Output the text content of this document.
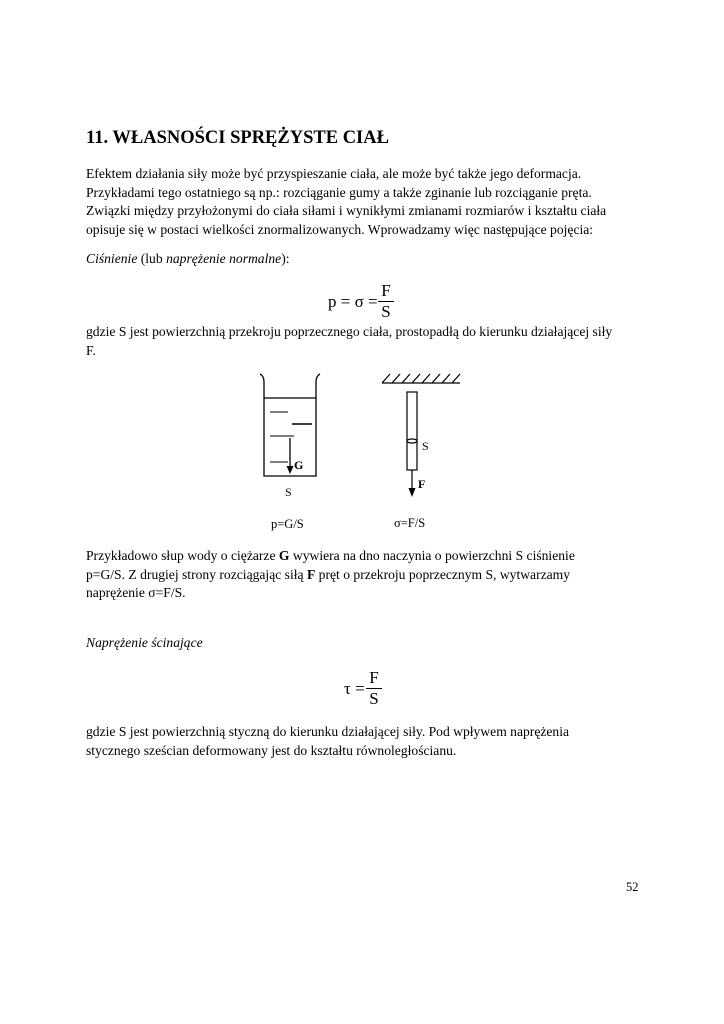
11. WŁASNOŚCI SPRĘŻYSTE CIAŁ

Efektem działania siły może być przyspieszanie ciała, ale może być także jego deformacja.

Przykładami tego ostatniego są np.: rozciąganie gumy a także zginanie lub rozciąganie pręta.

Związki między przyłożonymi do ciała siłami i wynikłymi zmianami rozmiarów i kształtu ciała

opisuje się w postaci wielkości znormalizowanych. Wprowadzamy więc następujące pojęcia:

Ciśnienie (lub naprężenie normalne):

p = σ =
F
S

gdzie S jest powierzchnią przekroju poprzecznego ciała, prostopadłą do kierunku działającej siły

F.

G
S
S
F
p=G/S	σ=F/S

Przykładowo słup wody o ciężarze G wywiera na dno naczynia o powierzchni S ciśnienie

p=G/S. Z drugiej strony rozciągając siłą F pręt o przekroju poprzecznym S, wytwarzamy

naprężenie σ=F/S.

Naprężenie ścinające

τ =
F
S

gdzie S jest powierzchnią styczną do kierunku działającej siły. Pod wpływem naprężenia

stycznego sześcian deformowany jest do kształtu równoległościanu.

52
